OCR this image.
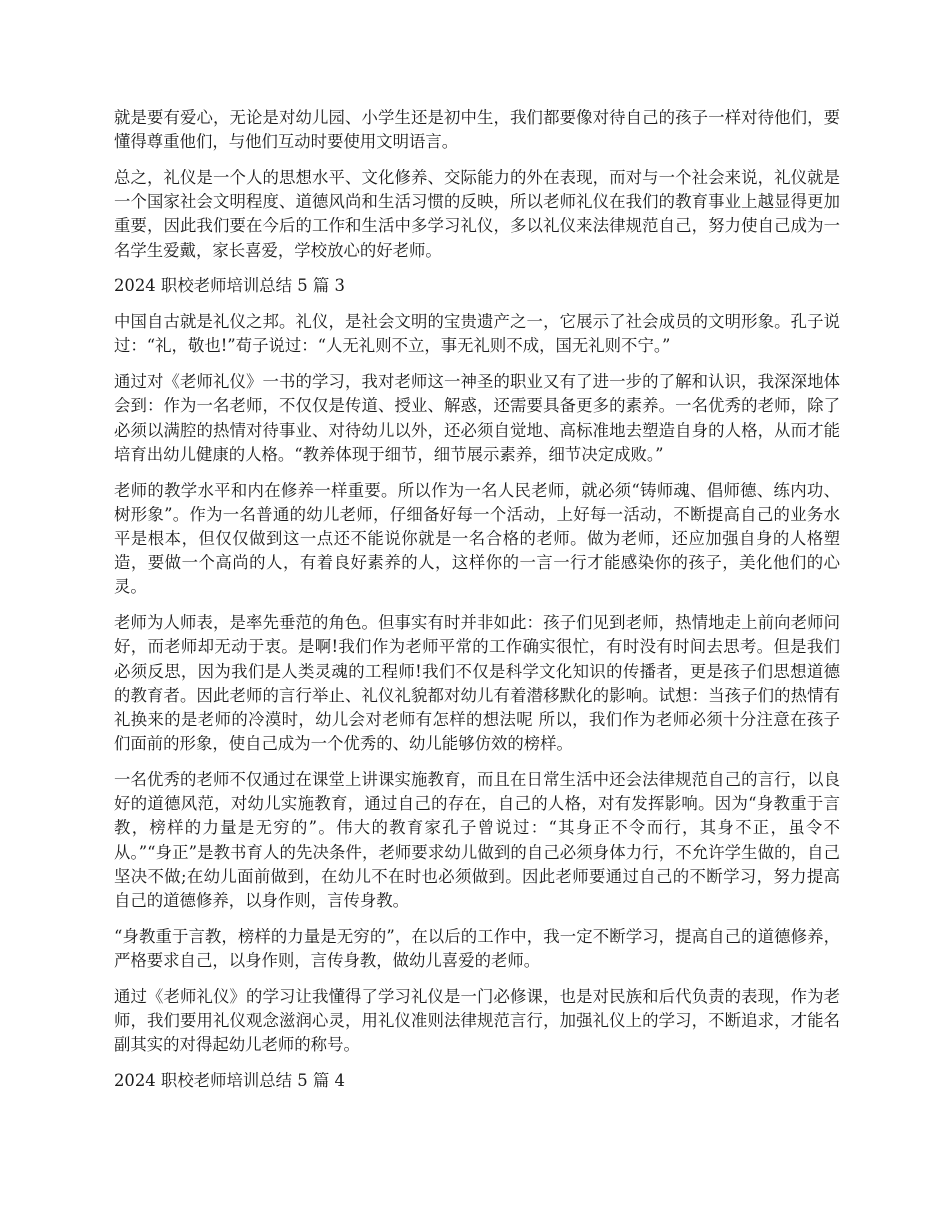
就是要有爱心，无论是对幼儿园、小学生还是初中生，我们都要像对待自己的孩子一样对待他们，要懂得尊重他们，与他们互动时要使用文明语言。

总之，礼仪是一个人的思想水平、文化修养、交际能力的外在表现，而对与一个社会来说，礼仪就是一个国家社会文明程度、道德风尚和生活习惯的反映，所以老师礼仪在我们的教育事业上越显得更加重要，因此我们要在今后的工作和生活中多学习礼仪，多以礼仪来法律规范自己，努力使自己成为一名学生爱戴，家长喜爱，学校放心的好老师。

2024 职校老师培训总结 5 篇 3

中国自古就是礼仪之邦。礼仪，是社会文明的宝贵遗产之一，它展示了社会成员的文明形象。孔子说过：“礼，敬也!”荀子说过：“人无礼则不立，事无礼则不成，国无礼则不宁。”

通过对《老师礼仪》一书的学习，我对老师这一神圣的职业又有了进一步的了解和认识，我深深地体会到：作为一名老师，不仅仅是传道、授业、解惑，还需要具备更多的素养。一名优秀的老师，除了必须以满腔的热情对待事业、对待幼儿以外，还必须自觉地、高标准地去塑造自身的人格，从而才能培育出幼儿健康的人格。“教养体现于细节，细节展示素养，细节决定成败。”

老师的教学水平和内在修养一样重要。所以作为一名人民老师，就必须“铸师魂、倡师德、练内功、树形象”。作为一名普通的幼儿老师，仔细备好每一个活动，上好每一活动，不断提高自己的业务水平是根本，但仅仅做到这一点还不能说你就是一名合格的老师。做为老师，还应加强自身的人格塑造，要做一个高尚的人，有着良好素养的人，这样你的一言一行才能感染你的孩子，美化他们的心灵。

老师为人师表，是率先垂范的角色。但事实有时并非如此：孩子们见到老师，热情地走上前向老师问好，而老师却无动于衷。是啊!我们作为老师平常的工作确实很忙，有时没有时间去思考。但是我们必须反思，因为我们是人类灵魂的工程师!我们不仅是科学文化知识的传播者，更是孩子们思想道德的教育者。因此老师的言行举止、礼仪礼貌都对幼儿有着潜移默化的影响。试想：当孩子们的热情有礼换来的是老师的冷漠时，幼儿会对老师有怎样的想法呢 所以，我们作为老师必须十分注意在孩子们面前的形象，使自己成为一个优秀的、幼儿能够仿效的榜样。

一名优秀的老师不仅通过在课堂上讲课实施教育，而且在日常生活中还会法律规范自己的言行，以良好的道德风范，对幼儿实施教育，通过自己的存在，自己的人格，对有发挥影响。因为“身教重于言教，榜样的力量是无穷的”。伟大的教育家孔子曾说过：“其身正不令而行，其身不正，虽令不从。”“身正”是教书育人的先决条件，老师要求幼儿做到的自己必须身体力行，不允许学生做的，自己坚决不做;在幼儿面前做到，在幼儿不在时也必须做到。因此老师要通过自己的不断学习，努力提高自己的道德修养，以身作则，言传身教。

“身教重于言教，榜样的力量是无穷的”，在以后的工作中，我一定不断学习，提高自己的道德修养，严格要求自己，以身作则，言传身教，做幼儿喜爱的老师。

通过《老师礼仪》的学习让我懂得了学习礼仪是一门必修课，也是对民族和后代负责的表现，作为老师，我们要用礼仪观念滋润心灵，用礼仪准则法律规范言行，加强礼仪上的学习，不断追求，才能名副其实的对得起幼儿老师的称号。

2024 职校老师培训总结 5 篇 4
